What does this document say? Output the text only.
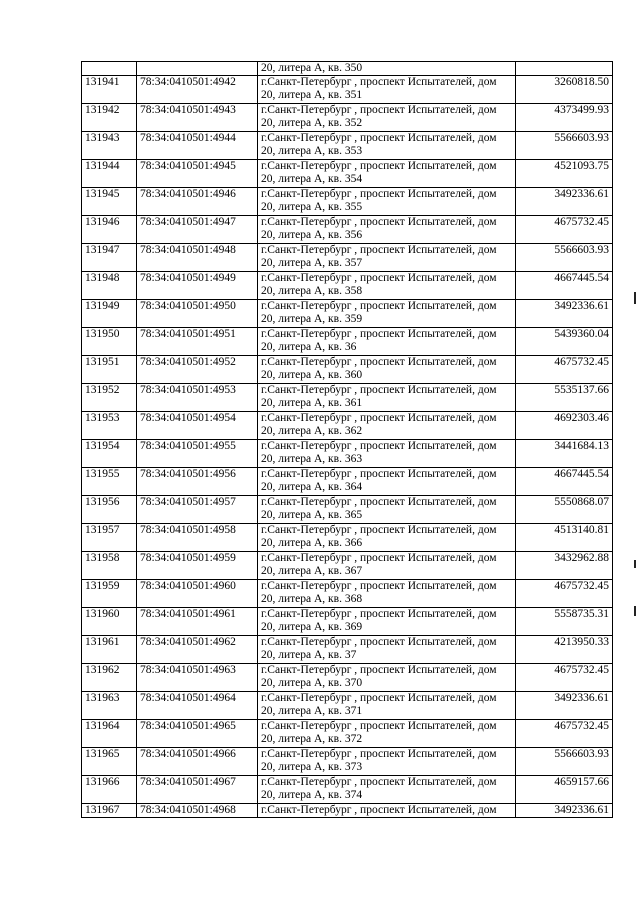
		20, литера А, кв. 350	

131941	78:34:0410501:4942	г.Санкт-Петербург , проспект Испытателей, дом
20, литера А, кв. 351	3260818.50
131942	78:34:0410501:4943	г.Санкт-Петербург , проспект Испытателей, дом
20, литера А, кв. 352	4373499.93
131943	78:34:0410501:4944	г.Санкт-Петербург , проспект Испытателей, дом
20, литера А, кв. 353	5566603.93
131944	78:34:0410501:4945	г.Санкт-Петербург , проспект Испытателей, дом
20, литера А, кв. 354	4521093.75
131945	78:34:0410501:4946	г.Санкт-Петербург , проспект Испытателей, дом
20, литера А, кв. 355	3492336.61
131946	78:34:0410501:4947	г.Санкт-Петербург , проспект Испытателей, дом
20, литера А, кв. 356	4675732.45
131947	78:34:0410501:4948	г.Санкт-Петербург , проспект Испытателей, дом
20, литера А, кв. 357	5566603.93
131948	78:34:0410501:4949	г.Санкт-Петербург , проспект Испытателей, дом
20, литера А, кв. 358	4667445.54
131949	78:34:0410501:4950	г.Санкт-Петербург , проспект Испытателей, дом
20, литера А, кв. 359	3492336.61
131950	78:34:0410501:4951	г.Санкт-Петербург , проспект Испытателей, дом
20, литера А, кв. 36	5439360.04
131951	78:34:0410501:4952	г.Санкт-Петербург , проспект Испытателей, дом
20, литера А, кв. 360	4675732.45
131952	78:34:0410501:4953	г.Санкт-Петербург , проспект Испытателей, дом
20, литера А, кв. 361	5535137.66
131953	78:34:0410501:4954	г.Санкт-Петербург , проспект Испытателей, дом
20, литера А, кв. 362	4692303.46
131954	78:34:0410501:4955	г.Санкт-Петербург , проспект Испытателей, дом
20, литера А, кв. 363	3441684.13
131955	78:34:0410501:4956	г.Санкт-Петербург , проспект Испытателей, дом
20, литера А, кв. 364	4667445.54
131956	78:34:0410501:4957	г.Санкт-Петербург , проспект Испытателей, дом
20, литера А, кв. 365	5550868.07
131957	78:34:0410501:4958	г.Санкт-Петербург , проспект Испытателей, дом
20, литера А, кв. 366	4513140.81
131958	78:34:0410501:4959	г.Санкт-Петербург , проспект Испытателей, дом
20, литера А, кв. 367	3432962.88
131959	78:34:0410501:4960	г.Санкт-Петербург , проспект Испытателей, дом
20, литера А, кв. 368	4675732.45
131960	78:34:0410501:4961	г.Санкт-Петербург , проспект Испытателей, дом
20, литера А, кв. 369	5558735.31
131961	78:34:0410501:4962	г.Санкт-Петербург , проспект Испытателей, дом
20, литера А, кв. 37	4213950.33
131962	78:34:0410501:4963	г.Санкт-Петербург , проспект Испытателей, дом
20, литера А, кв. 370	4675732.45
131963	78:34:0410501:4964	г.Санкт-Петербург , проспект Испытателей, дом
20, литера А, кв. 371	3492336.61
131964	78:34:0410501:4965	г.Санкт-Петербург , проспект Испытателей, дом
20, литера А, кв. 372	4675732.45
131965	78:34:0410501:4966	г.Санкт-Петербург , проспект Испытателей, дом
20, литера А, кв. 373	5566603.93
131966	78:34:0410501:4967	г.Санкт-Петербург , проспект Испытателей, дом
20, литера А, кв. 374	4659157.66
131967	78:34:0410501:4968	г.Санкт-Петербург , проспект Испытателей, дом	3492336.61
